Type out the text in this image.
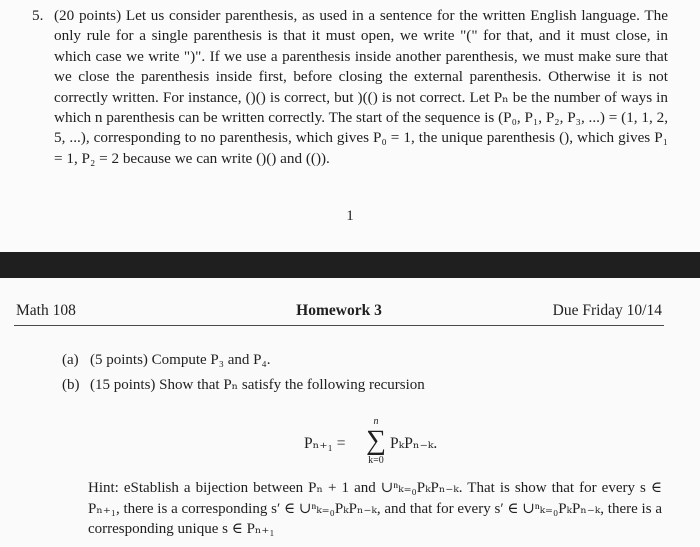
5. (20 points) Let us consider parenthesis, as used in a sentence for the written English language. The only rule for a single parenthesis is that it must open, we write "(" for that, and it must close, in which case we write ")". If we use a parenthesis inside another parenthesis, we must make sure that we close the parenthesis inside first, before closing the external parenthesis. Otherwise it is not correctly written. For instance, ()() is correct, but )(() is not correct. Let Pₙ be the number of ways in which n parenthesis can be written correctly. The start of the sequence is (P₀, P₁, P₂, P₃, ...) = (1, 1, 2, 5, ...), corresponding to no parenthesis, which gives P₀ = 1, the unique parenthesis (), which gives P₁ = 1, P₂ = 2 because we can write ()() and (()).
1
Math 108	Homework 3	Due Friday 10/14
(a) (5 points) Compute P₃ and P₄.
(b) (15 points) Show that Pₙ satisfy the following recursion
Pₙ₊₁ =
n
∑
k=0
PₖPₙ₋ₖ.
Hint: eStablish a bijection between Pₙ + 1 and ∪ⁿₖ₌₀PₖPₙ₋ₖ. That is show that for every s ∈ Pₙ₊₁, there is a corresponding s′ ∈ ∪ⁿₖ₌₀PₖPₙ₋ₖ, and that for every s′ ∈ ∪ⁿₖ₌₀PₖPₙ₋ₖ, there is a corresponding unique s ∈ Pₙ₊₁
